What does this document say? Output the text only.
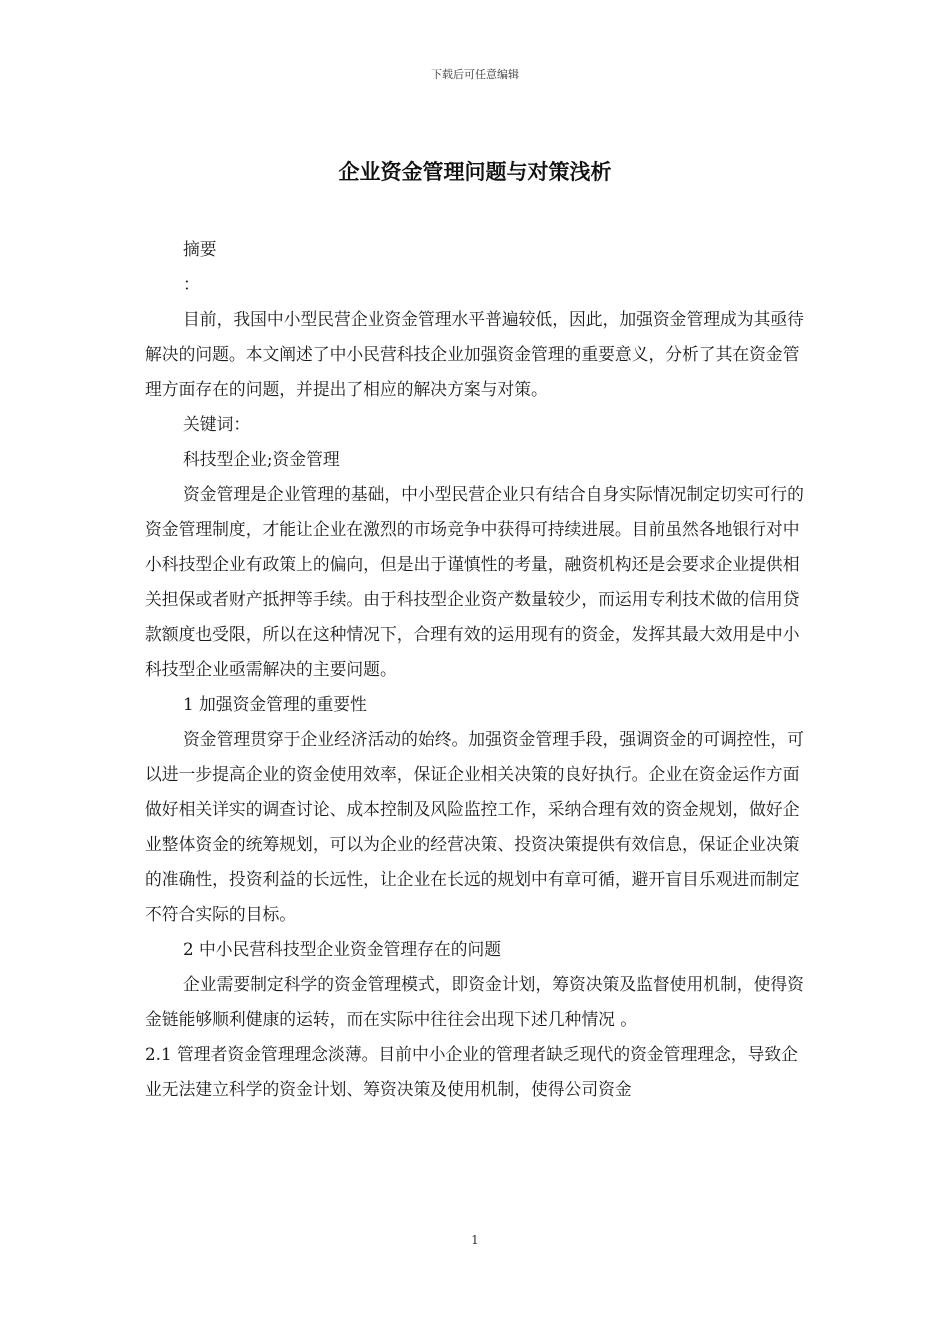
下载后可任意编辑
企业资金管理问题与对策浅析

摘要

：

目前，我国中小型民营企业资金管理水平普遍较低，因此，加强资金管理成为其亟待解决的问题。本文阐述了中小民营科技企业加强资金管理的重要意义，分析了其在资金管理方面存在的问题，并提出了相应的解决方案与对策。

关键词：

科技型企业;资金管理

资金管理是企业管理的基础，中小型民营企业只有结合自身实际情况制定切实可行的资金管理制度，才能让企业在激烈的市场竞争中获得可持续进展。目前虽然各地银行对中小科技型企业有政策上的偏向，但是出于谨慎性的考量，融资机构还是会要求企业提供相关担保或者财产抵押等手续。由于科技型企业资产数量较少，而运用专利技术做的信用贷款额度也受限，所以在这种情况下，合理有效的运用现有的资金，发挥其最大效用是中小科技型企业亟需解决的主要问题。

1 加强资金管理的重要性

资金管理贯穿于企业经济活动的始终。加强资金管理手段，强调资金的可调控性，可以进一步提高企业的资金使用效率，保证企业相关决策的良好执行。企业在资金运作方面做好相关详实的调查讨论、成本控制及风险监控工作，采纳合理有效的资金规划，做好企业整体资金的统筹规划，可以为企业的经营决策、投资决策提供有效信息，保证企业决策的准确性，投资利益的长远性，让企业在长远的规划中有章可循，避开盲目乐观进而制定不符合实际的目标。

2 中小民营科技型企业资金管理存在的问题

企业需要制定科学的资金管理模式，即资金计划，筹资决策及监督使用机制，使得资金链能够顺利健康的运转，而在实际中往往会出现下述几种情况 。

2.1 管理者资金管理理念淡薄。目前中小企业的管理者缺乏现代的资金管理理念，导致企业无法建立科学的资金计划、筹资决策及使用机制，使得公司资金

1
